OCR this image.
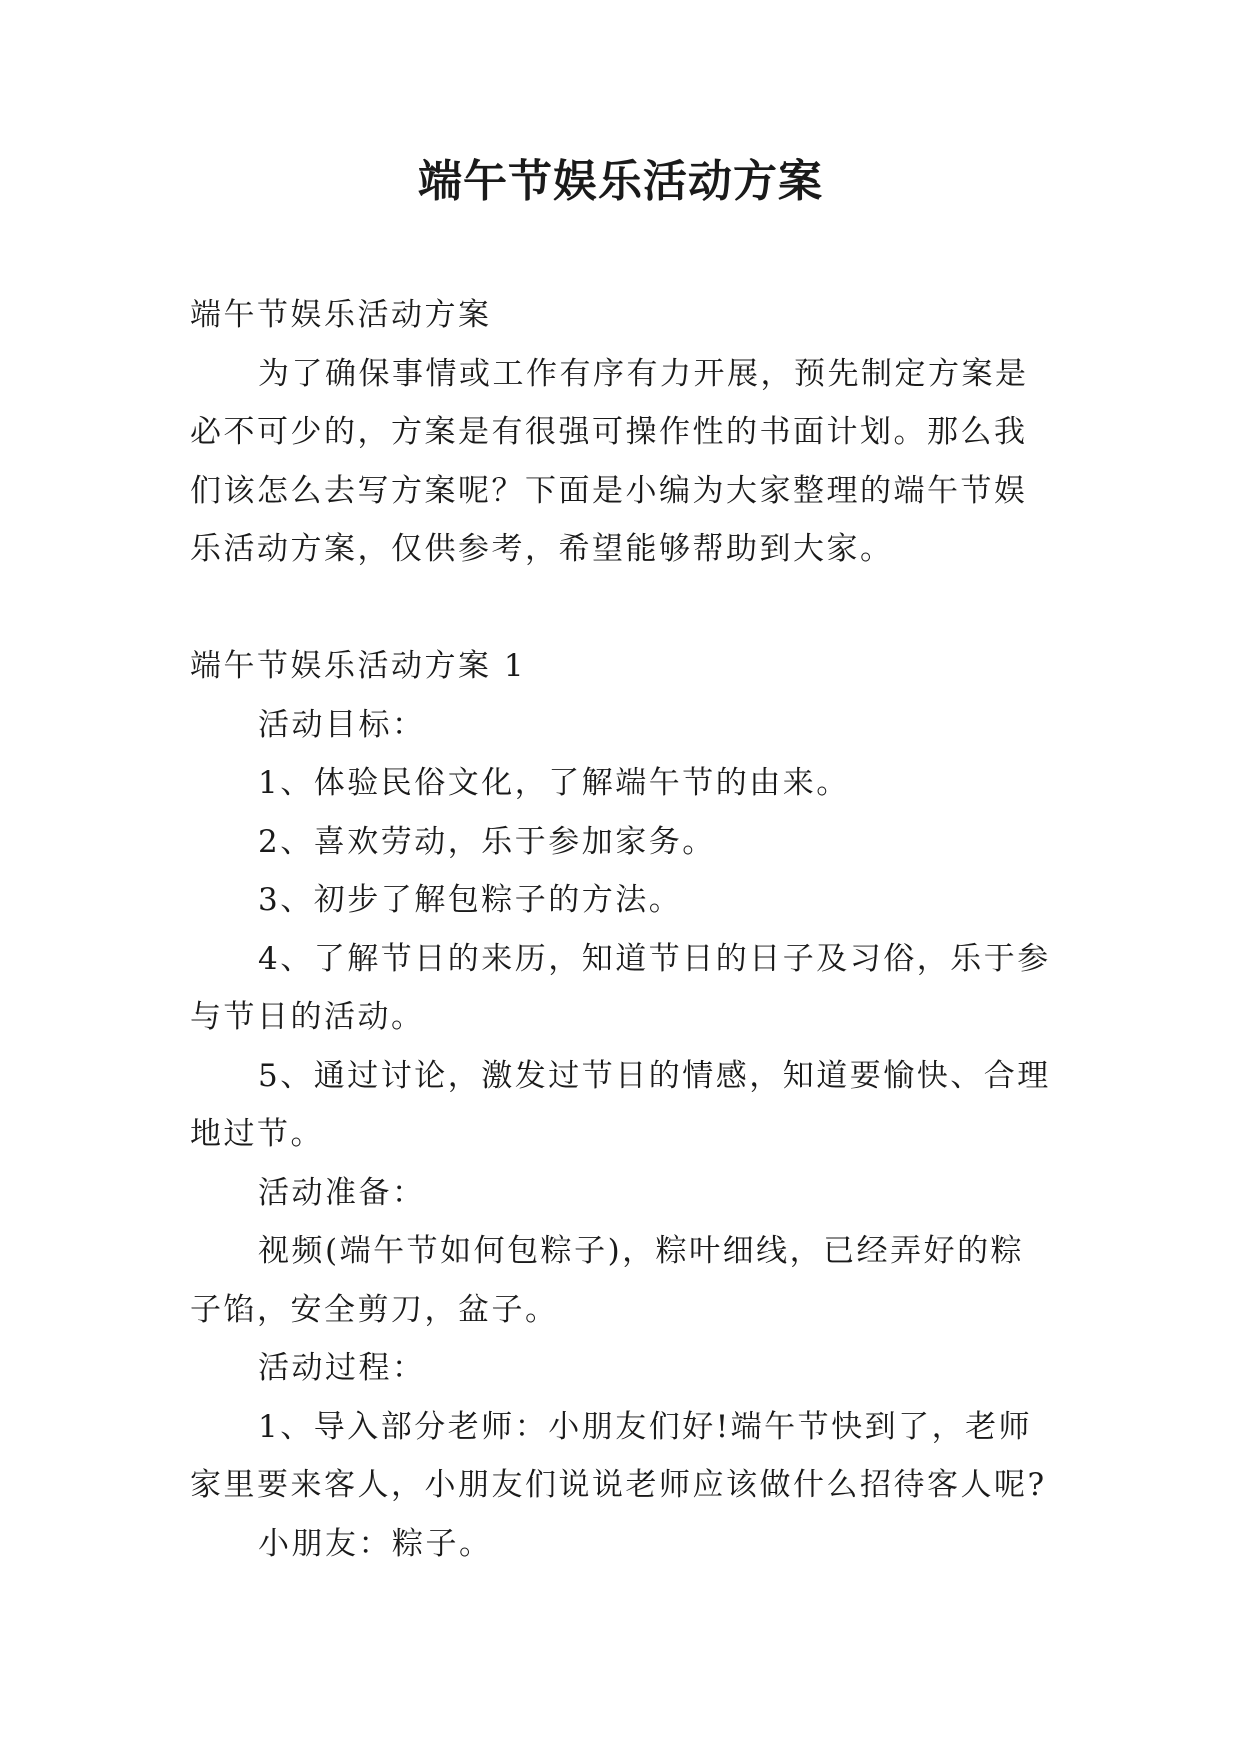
端午节娱乐活动方案

端午节娱乐活动方案

为了确保事情或工作有序有力开展，预先制定方案是必不可少的，方案是有很强可操作性的书面计划。那么我们该怎么去写方案呢？下面是小编为大家整理的端午节娱乐活动方案，仅供参考，希望能够帮助到大家。

端午节娱乐活动方案 1

活动目标：

1、体验民俗文化，了解端午节的由来。

2、喜欢劳动，乐于参加家务。

3、初步了解包粽子的方法。

4、了解节日的来历，知道节日的日子及习俗，乐于参与节日的活动。

5、通过讨论，激发过节日的情感，知道要愉快、合理地过节。

活动准备：

视频(端午节如何包粽子)，粽叶细线，已经弄好的粽子馅，安全剪刀，盆子。

活动过程：

1、导入部分老师：小朋友们好!端午节快到了，老师家里要来客人，小朋友们说说老师应该做什么招待客人呢?

小朋友：粽子。
